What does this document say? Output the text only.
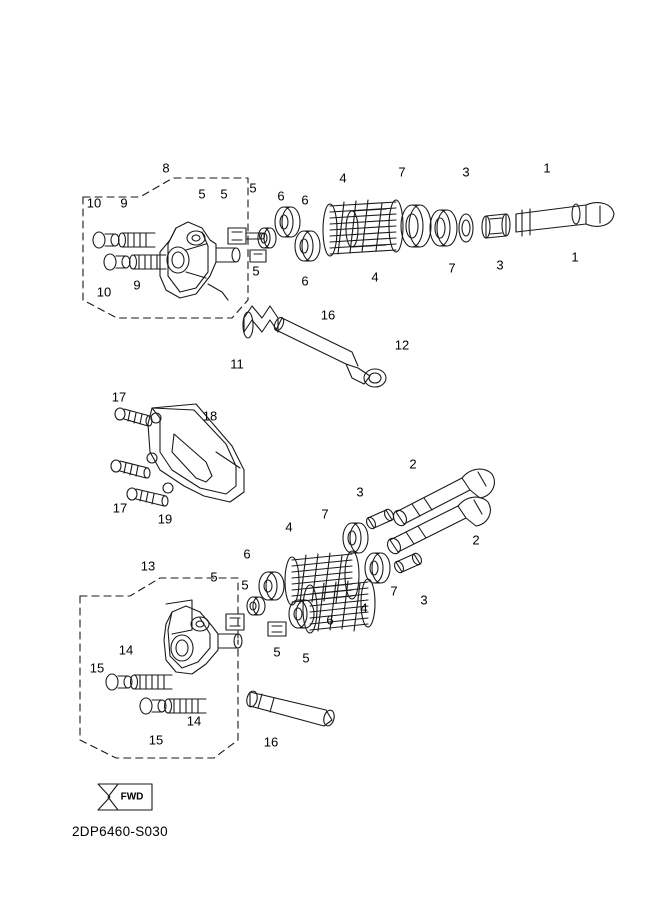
FWD
2DP6460-S030
8
10 9
5 5 5
6 6
4	7	3	1
1
3
7
4
6
5
10 9
11
16
12
17
18
17
19
2
3
7
4
2
7
3
4
6
5
5
6
5
5
13
14
15
14
15	16
